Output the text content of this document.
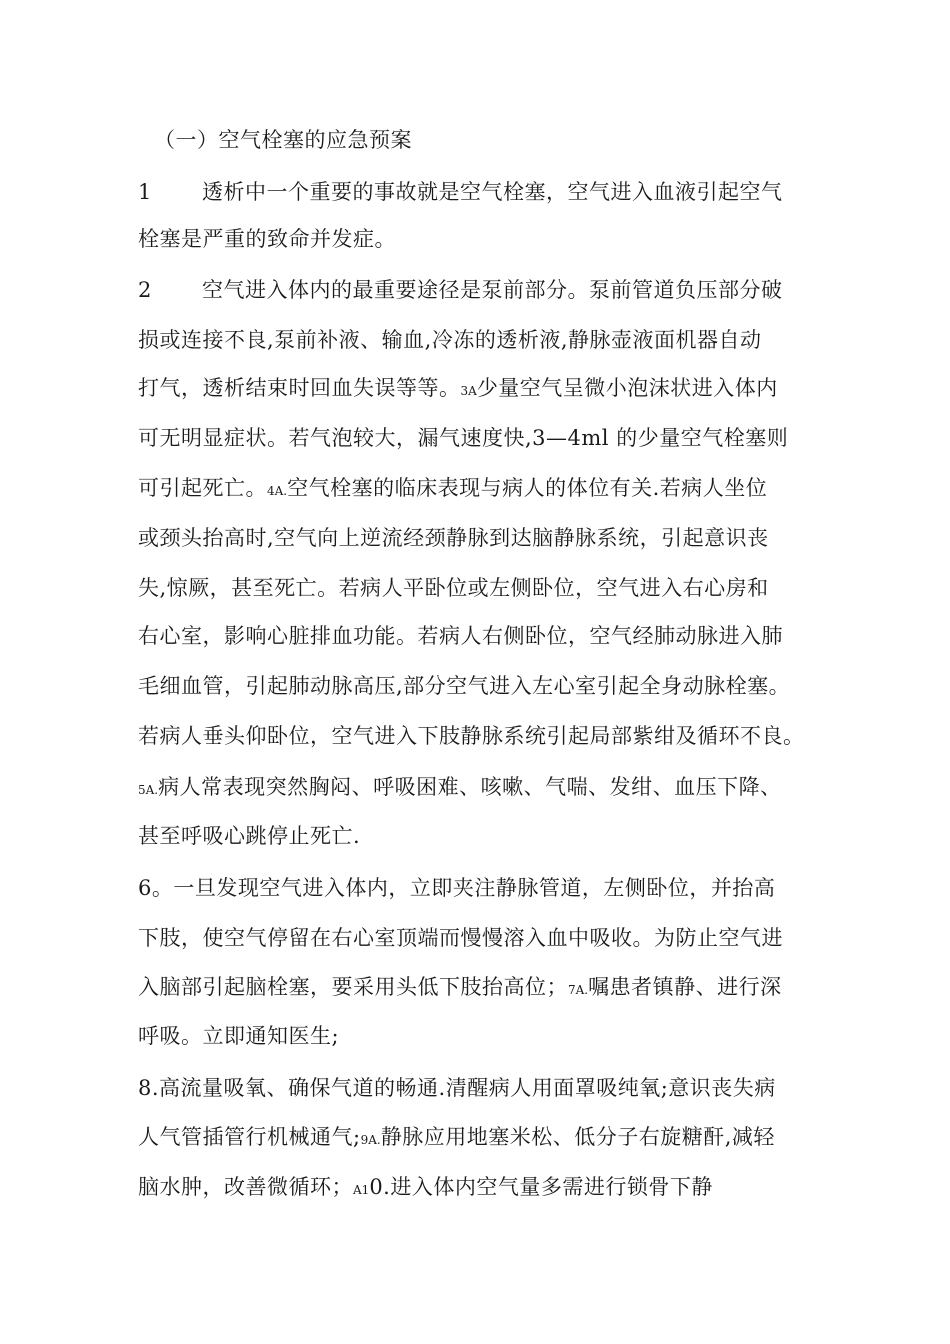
（一）空气栓塞的应急预案
1　　 透析中一个重要的事故就是空气栓塞，空气进入血液引起空气
栓塞是严重的致命并发症。
2　　 空气进入体内的最重要途径是泵前部分。泵前管道负压部分破
损或连接不良,泵前补液、输血,冷冻的透析液,静脉壶液面机器自动
打气，透析结束时回血失误等等。3A少量空气呈微小泡沫状进入体内
可无明显症状。若气泡较大，漏气速度快,3—4ml 的少量空气栓塞则
可引起死亡。4A.空气栓塞的临床表现与病人的体位有关.若病人坐位
或颈头抬高时,空气向上逆流经颈静脉到达脑静脉系统，引起意识丧
失,惊厥，甚至死亡。若病人平卧位或左侧卧位，空气进入右心房和
右心室，影响心脏排血功能。若病人右侧卧位，空气经肺动脉进入肺
毛细血管，引起肺动脉高压,部分空气进入左心室引起全身动脉栓塞。
若病人垂头仰卧位，空气进入下肢静脉系统引起局部紫绀及循环不良。
5A.病人常表现突然胸闷、呼吸困难、咳嗽、气喘、发绀、血压下降、
甚至呼吸心跳停止死亡.
6。一旦发现空气进入体内，立即夹注静脉管道，左侧卧位，并抬高
下肢，使空气停留在右心室顶端而慢慢溶入血中吸收。为防止空气进
入脑部引起脑栓塞，要采用头低下肢抬高位；7A.嘱患者镇静、进行深
呼吸。立即通知医生;
8.高流量吸氧、确保气道的畅通.清醒病人用面罩吸纯氧;意识丧失病
人气管插管行机械通气;9A.静脉应用地塞米松、低分子右旋糖酐,减轻
脑水肿，改善微循环；A10.进入体内空气量多需进行锁骨下静
